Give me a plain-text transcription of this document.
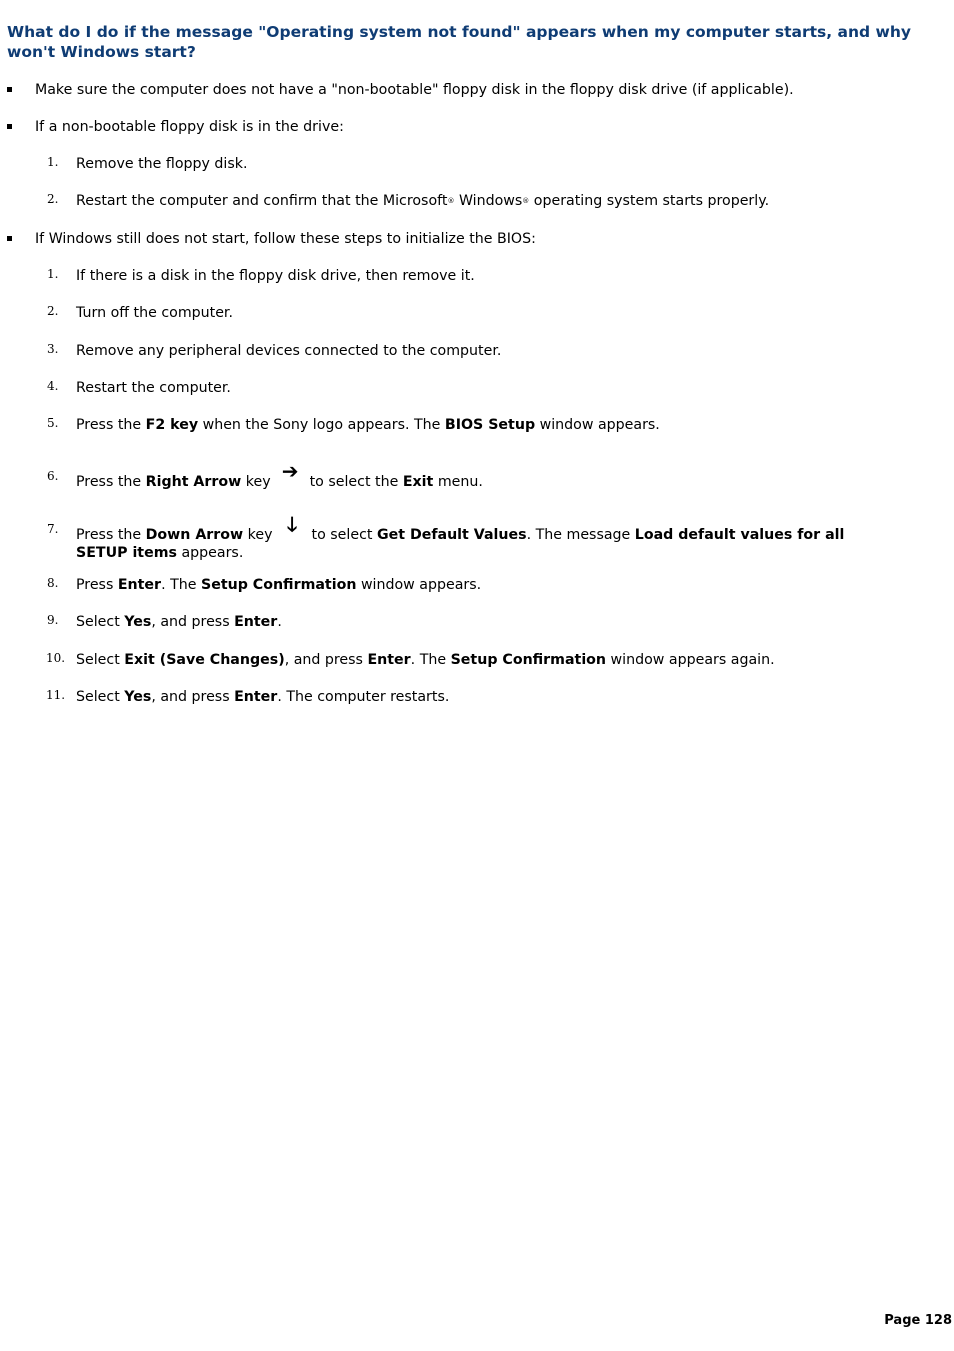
What do I do if the message "Operating system not found" appears when my computer starts, and why won't Windows start?
Make sure the computer does not have a "non-bootable" floppy disk in the floppy disk drive (if applicable).
If a non-bootable floppy disk is in the drive:
1. Remove the floppy disk.
2. Restart the computer and confirm that the Microsoft® Windows® operating system starts properly.
If Windows still does not start, follow these steps to initialize the BIOS:
1. If there is a disk in the floppy disk drive, then remove it.
2. Turn off the computer.
3. Remove any peripheral devices connected to the computer.
4. Restart the computer.
5. Press the F2 key when the Sony logo appears. The BIOS Setup window appears.
6. Press the Right Arrow key ➔ to select the Exit menu.
7. Press the Down Arrow key 🡓 to select Get Default Values. The message Load default values for all SETUP items appears.
8. Press Enter. The Setup Confirmation window appears.
9. Select Yes, and press Enter.
10. Select Exit (Save Changes), and press Enter. The Setup Confirmation window appears again.
11. Select Yes, and press Enter. The computer restarts.
Page 128
